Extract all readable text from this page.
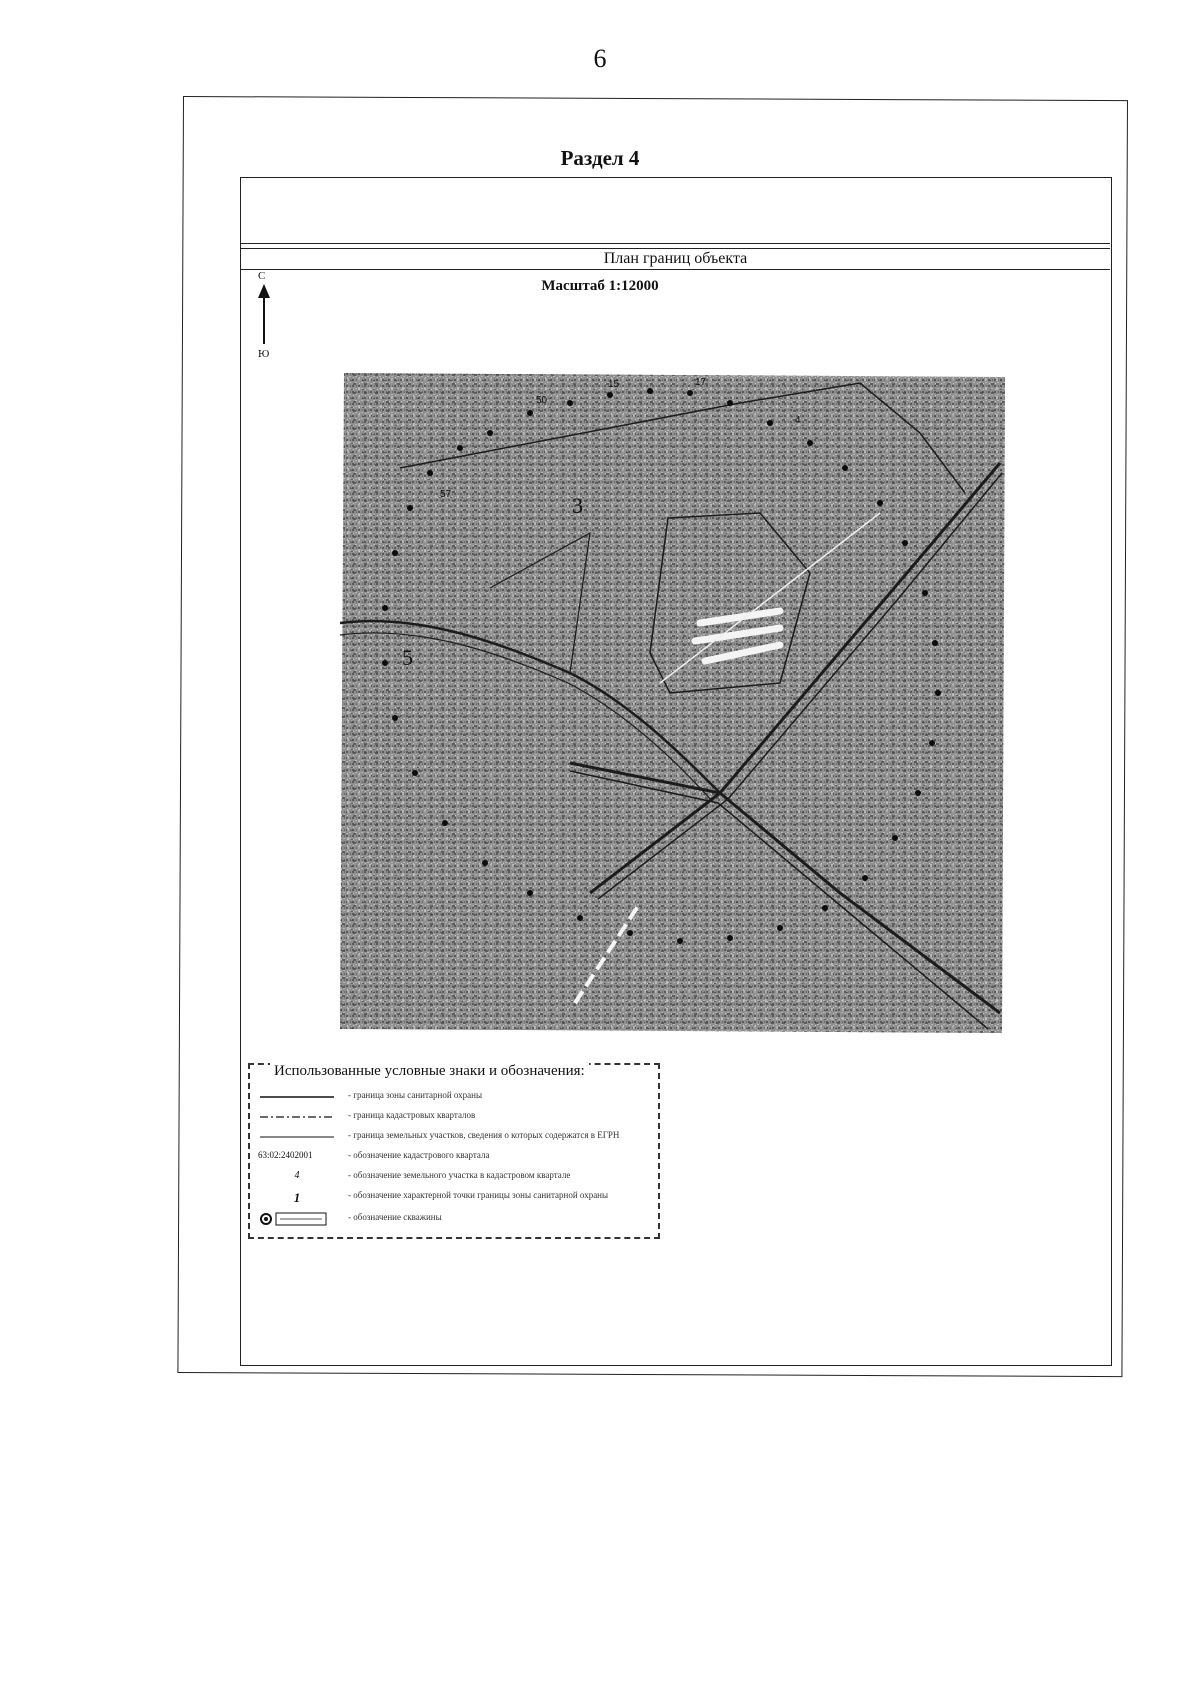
6
Раздел 4
План границ объекта
Масштаб 1:12000
С
Ю
3
5
57
50
15	17
4
Использованные условные знаки и обозначения:
- граница зоны санитарной охраны
- граница кадастровых кварталов
- граница земельных участков, сведения о которых содержатся в ЕГРН
63:02:2402001	- обозначение кадастрового квартала
4	- обозначение земельного участка в кадастровом квартале
1	- обозначение характерной точки границы зоны санитарной охраны
- обозначение скважины
